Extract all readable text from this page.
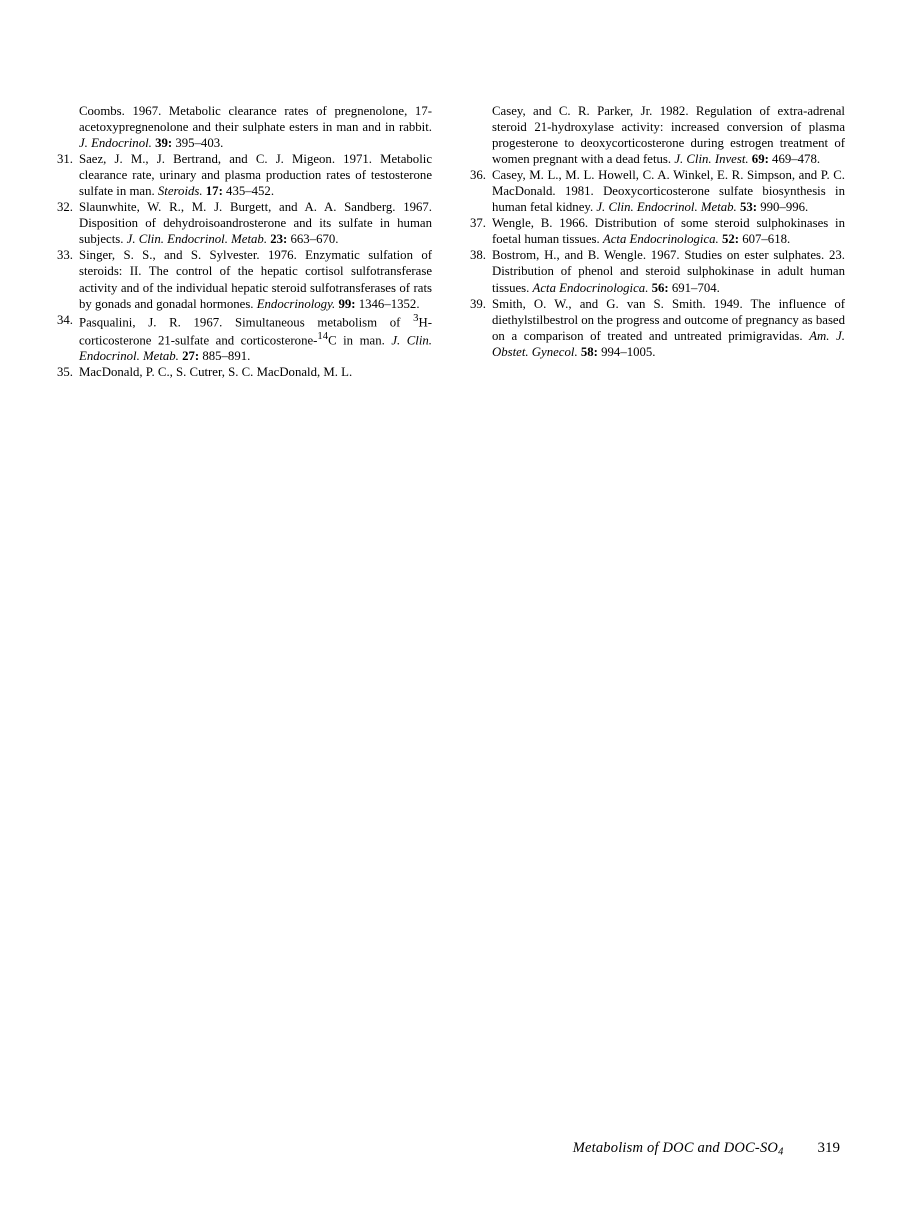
Coombs. 1967. Metabolic clearance rates of pregnenolone, 17-acetoxypregnenolone and their sulphate esters in man and in rabbit. J. Endocrinol. 39: 395–403.
31. Saez, J. M., J. Bertrand, and C. J. Migeon. 1971. Metabolic clearance rate, urinary and plasma production rates of testosterone sulfate in man. Steroids. 17: 435–452.
32. Slaunwhite, W. R., M. J. Burgett, and A. A. Sandberg. 1967. Disposition of dehydroisoandrosterone and its sulfate in human subjects. J. Clin. Endocrinol. Metab. 23: 663–670.
33. Singer, S. S., and S. Sylvester. 1976. Enzymatic sulfation of steroids: II. The control of the hepatic cortisol sulfotransferase activity and of the individual hepatic steroid sulfotransferases of rats by gonads and gonadal hormones. Endocrinology. 99: 1346–1352.
34. Pasqualini, J. R. 1967. Simultaneous metabolism of $^3$H-corticosterone 21-sulfate and corticosterone-$^{14}$C in man. J. Clin. Endocrinol. Metab. 27: 885–891.
35. MacDonald, P. C., S. Cutrer, S. C. MacDonald, M. L.
Casey, and C. R. Parker, Jr. 1982. Regulation of extra-adrenal steroid 21-hydroxylase activity: increased conversion of plasma progesterone to deoxycorticosterone during estrogen treatment of women pregnant with a dead fetus. J. Clin. Invest. 69: 469–478.
36. Casey, M. L., M. L. Howell, C. A. Winkel, E. R. Simpson, and P. C. MacDonald. 1981. Deoxycorticosterone sulfate biosynthesis in human fetal kidney. J. Clin. Endocrinol. Metab. 53: 990–996.
37. Wengle, B. 1966. Distribution of some steroid sulphokinases in foetal human tissues. Acta Endocrinologica. 52: 607–618.
38. Bostrom, H., and B. Wengle. 1967. Studies on ester sulphates. 23. Distribution of phenol and steroid sulphokinase in adult human tissues. Acta Endocrinologica. 56: 691–704.
39. Smith, O. W., and G. van S. Smith. 1949. The influence of diethylstilbestrol on the progress and outcome of pregnancy as based on a comparison of treated and untreated primigravidas. Am. J. Obstet. Gynecol. 58: 994–1005.
Metabolism of DOC and DOC-$SO_4$ 319
